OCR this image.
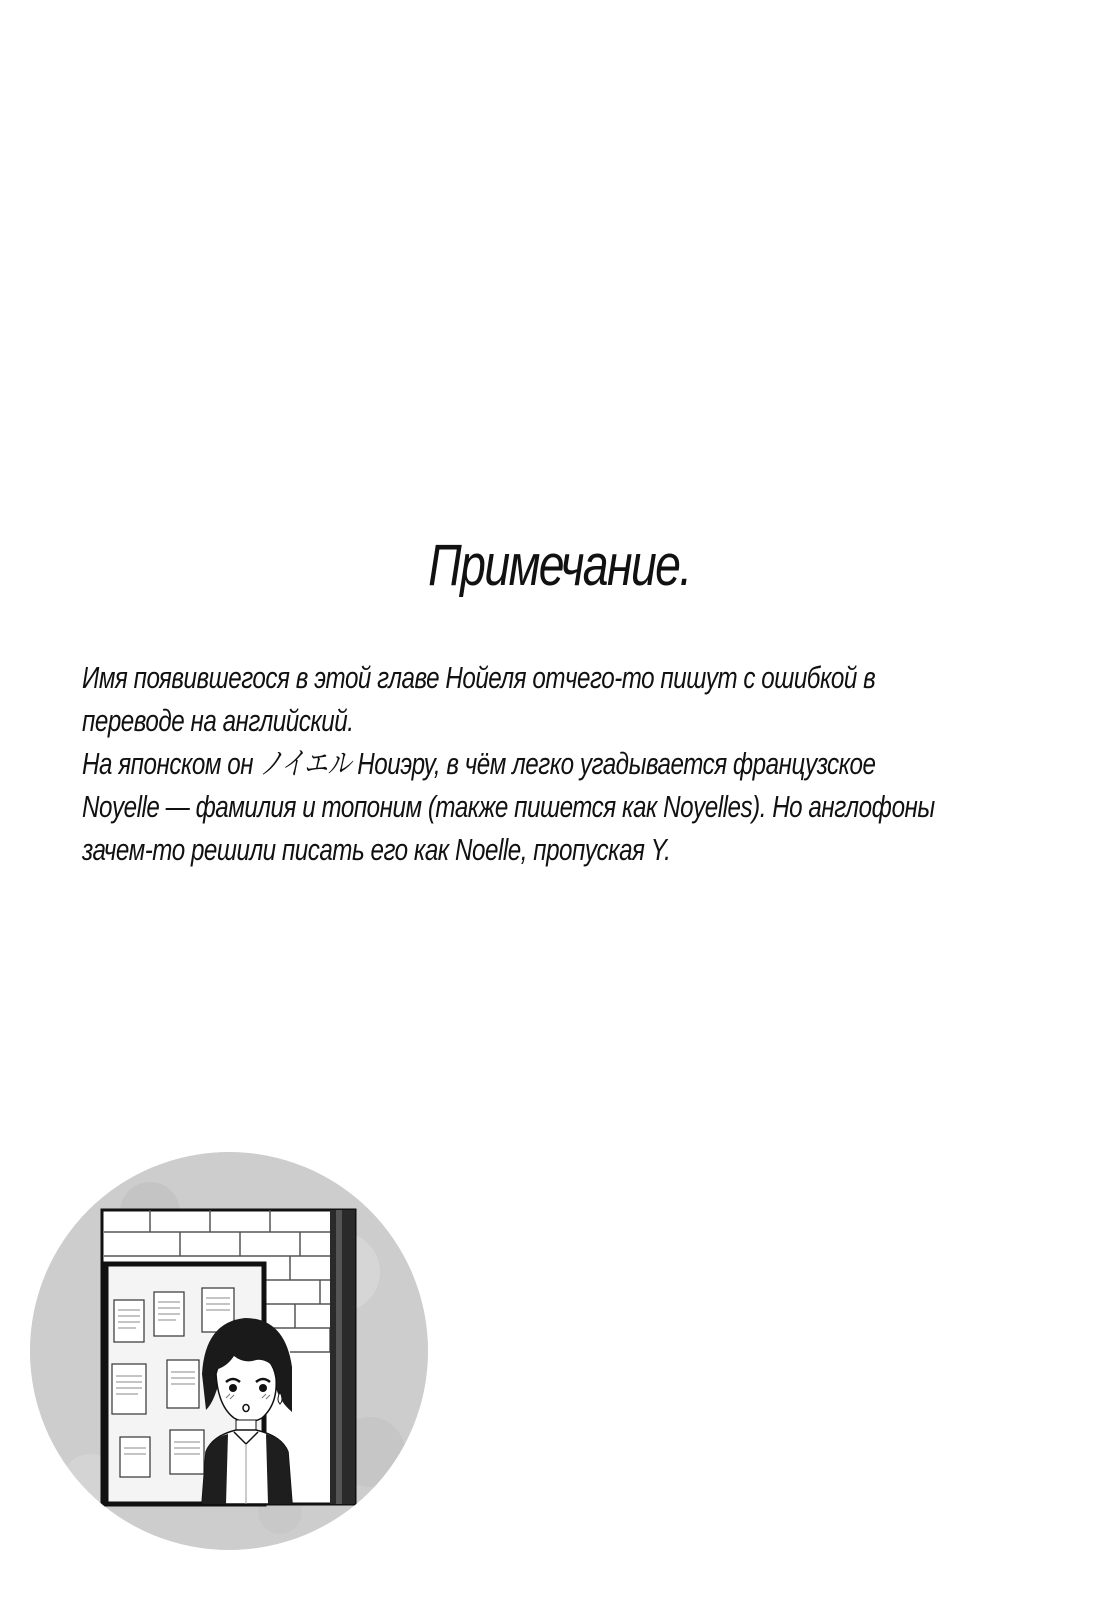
Примечание.
Имя появившегося в этой главе Нойеля отчего-то пишут с ошибкой в
переводе на английский.
На японском он ノイエル Ноиэру, в чём легко угадывается французское
Noyelle — фамилия и топоним (также пишется как Noyelles). Но англофоны
зачем-то решили писать его как Noelle, пропуская Y.
